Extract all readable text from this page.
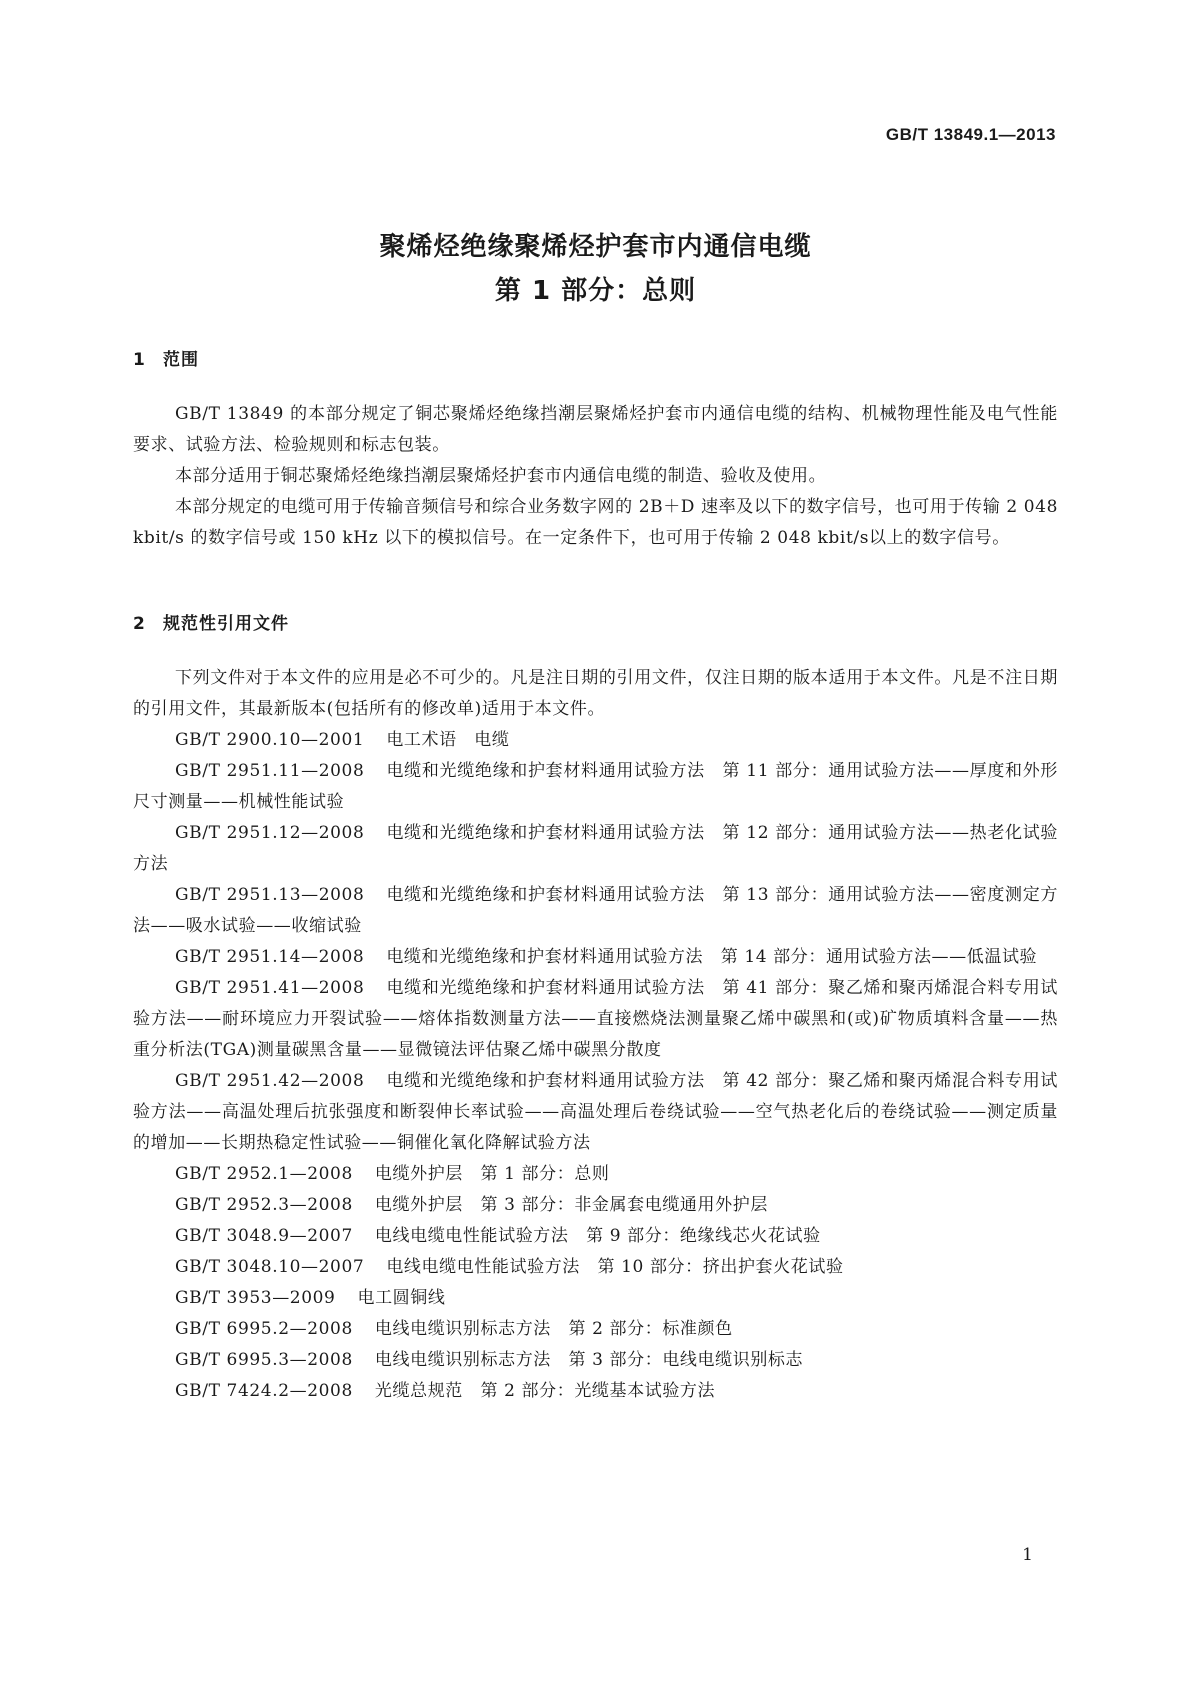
GB/T 13849.1—2013
聚烯烃绝缘聚烯烃护套市内通信电缆
第 1 部分：总则
1 范围

GB/T 13849 的本部分规定了铜芯聚烯烃绝缘挡潮层聚烯烃护套市内通信电缆的结构、机械物理性能及电气性能要求、试验方法、检验规则和标志包装。

本部分适用于铜芯聚烯烃绝缘挡潮层聚烯烃护套市内通信电缆的制造、验收及使用。

本部分规定的电缆可用于传输音频信号和综合业务数字网的 2B＋D 速率及以下的数字信号，也可用于传输 2 048 kbit/s 的数字信号或 150 kHz 以下的模拟信号。在一定条件下，也可用于传输 2 048 kbit/s以上的数字信号。

2 规范性引用文件

下列文件对于本文件的应用是必不可少的。凡是注日期的引用文件，仅注日期的版本适用于本文件。凡是不注日期的引用文件，其最新版本(包括所有的修改单)适用于本文件。

GB/T 2900.10—2001 电工术语　电缆

GB/T 2951.11—2008 电缆和光缆绝缘和护套材料通用试验方法　第 11 部分：通用试验方法——厚度和外形尺寸测量——机械性能试验

GB/T 2951.12—2008 电缆和光缆绝缘和护套材料通用试验方法　第 12 部分：通用试验方法——热老化试验方法

GB/T 2951.13—2008 电缆和光缆绝缘和护套材料通用试验方法　第 13 部分：通用试验方法——密度测定方法——吸水试验——收缩试验

GB/T 2951.14—2008 电缆和光缆绝缘和护套材料通用试验方法　第 14 部分：通用试验方法——低温试验

GB/T 2951.41—2008 电缆和光缆绝缘和护套材料通用试验方法　第 41 部分：聚乙烯和聚丙烯混合料专用试验方法——耐环境应力开裂试验——熔体指数测量方法——直接燃烧法测量聚乙烯中碳黑和(或)矿物质填料含量——热重分析法(TGA)测量碳黑含量——显微镜法评估聚乙烯中碳黑分散度

GB/T 2951.42—2008 电缆和光缆绝缘和护套材料通用试验方法　第 42 部分：聚乙烯和聚丙烯混合料专用试验方法——高温处理后抗张强度和断裂伸长率试验——高温处理后卷绕试验——空气热老化后的卷绕试验——测定质量的增加——长期热稳定性试验——铜催化氧化降解试验方法

GB/T 2952.1—2008 电缆外护层　第 1 部分：总则

GB/T 2952.3—2008 电缆外护层　第 3 部分：非金属套电缆通用外护层

GB/T 3048.9—2007 电线电缆电性能试验方法　第 9 部分：绝缘线芯火花试验

GB/T 3048.10—2007 电线电缆电性能试验方法　第 10 部分：挤出护套火花试验

GB/T 3953—2009 电工圆铜线

GB/T 6995.2—2008 电线电缆识别标志方法　第 2 部分：标准颜色

GB/T 6995.3—2008 电线电缆识别标志方法　第 3 部分：电线电缆识别标志

GB/T 7424.2—2008 光缆总规范　第 2 部分：光缆基本试验方法

1
